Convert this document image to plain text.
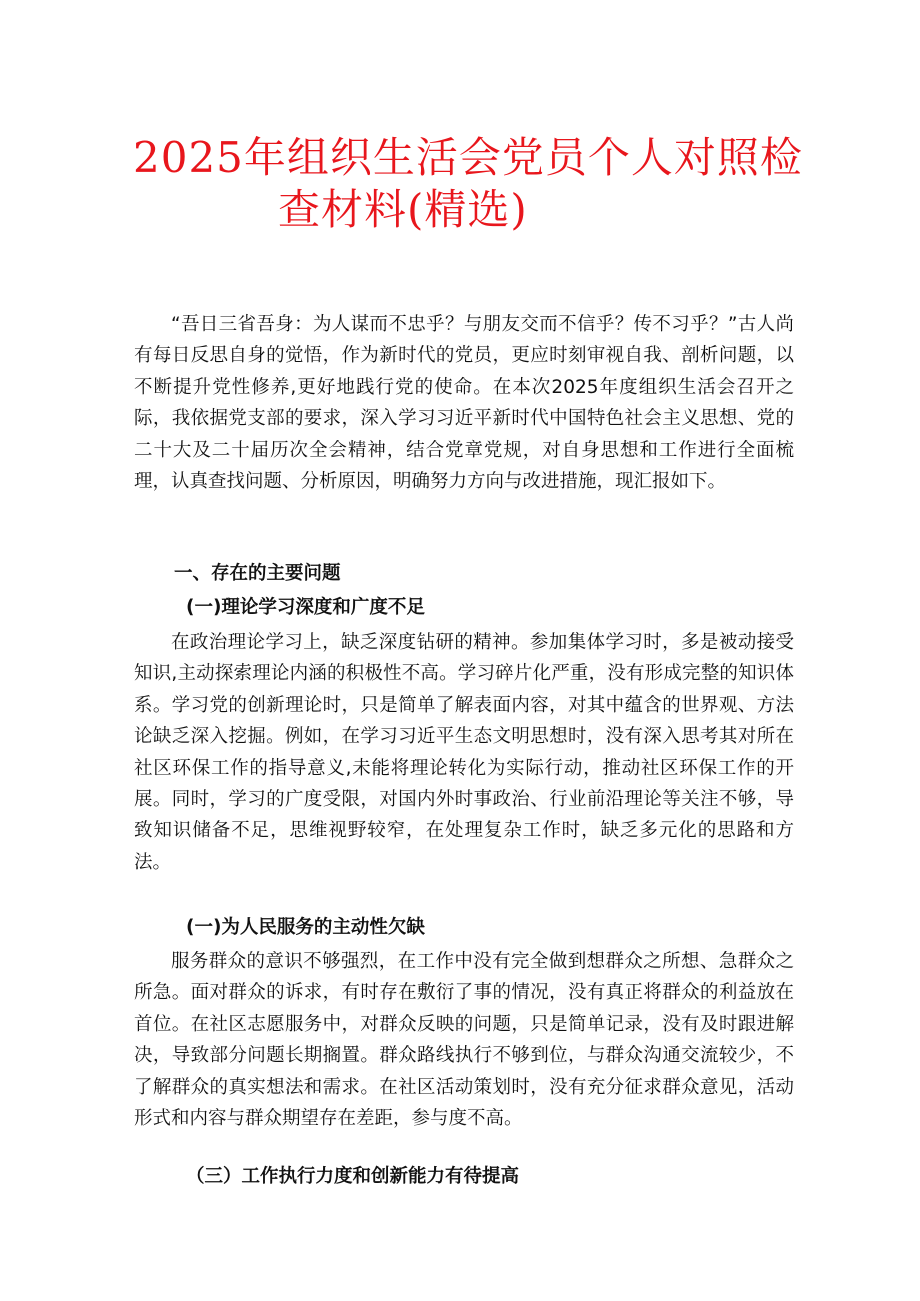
2025年组织生活会党员个人对照检
查材料(精选)

“吾日三省吾身：为人谋而不忠乎？与朋友交而不信乎？传不习乎？”古人尚有每日反思自身的觉悟，作为新时代的党员，更应时刻审视自我、剖析问题，以不断提升党性修养,更好地践行党的使命。在本次2025年度组织生活会召开之际，我依据党支部的要求，深入学习习近平新时代中国特色社会主义思想、党的二十大及二十届历次全会精神，结合党章党规，对自身思想和工作进行全面梳理，认真查找问题、分析原因，明确努力方向与改进措施，现汇报如下。

一、存在的主要问题

(一)理论学习深度和广度不足

在政治理论学习上，缺乏深度钻研的精神。参加集体学习时，多是被动接受知识,主动探索理论内涵的积极性不高。学习碎片化严重，没有形成完整的知识体系。学习党的创新理论时，只是简单了解表面内容，对其中蕴含的世界观、方法论缺乏深入挖掘。例如，在学习习近平生态文明思想时，没有深入思考其对所在社区环保工作的指导意义,未能将理论转化为实际行动，推动社区环保工作的开展。同时，学习的广度受限，对国内外时事政治、行业前沿理论等关注不够，导致知识储备不足，思维视野较窄，在处理复杂工作时，缺乏多元化的思路和方法。

(一)为人民服务的主动性欠缺

服务群众的意识不够强烈，在工作中没有完全做到想群众之所想、急群众之所急。面对群众的诉求，有时存在敷衍了事的情况，没有真正将群众的利益放在首位。在社区志愿服务中，对群众反映的问题，只是简单记录，没有及时跟进解决，导致部分问题长期搁置。群众路线执行不够到位，与群众沟通交流较少，不了解群众的真实想法和需求。在社区活动策划时，没有充分征求群众意见，活动形式和内容与群众期望存在差距，参与度不高。

（三）工作执行力度和创新能力有待提高
